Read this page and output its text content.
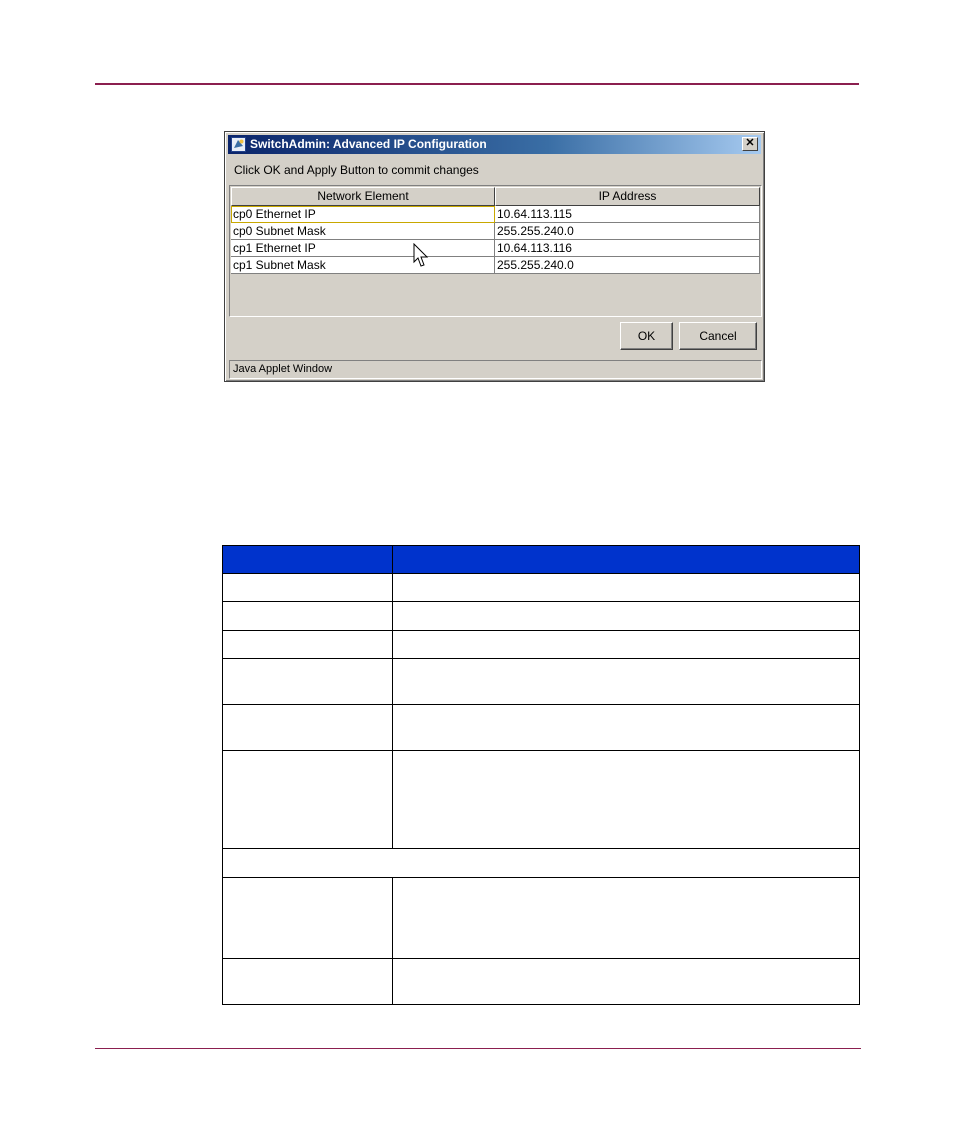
SwitchAdmin: Advanced IP Configuration	✕
Click OK and Apply Button to commit changes
Network Element	IP Address
cp0 Ethernet IP	10.64.113.115
cp0 Subnet Mask	255.255.240.0
cp1 Ethernet IP	10.64.113.116
cp1 Subnet Mask	255.255.240.0
OK	Cancel
Java Applet Window
